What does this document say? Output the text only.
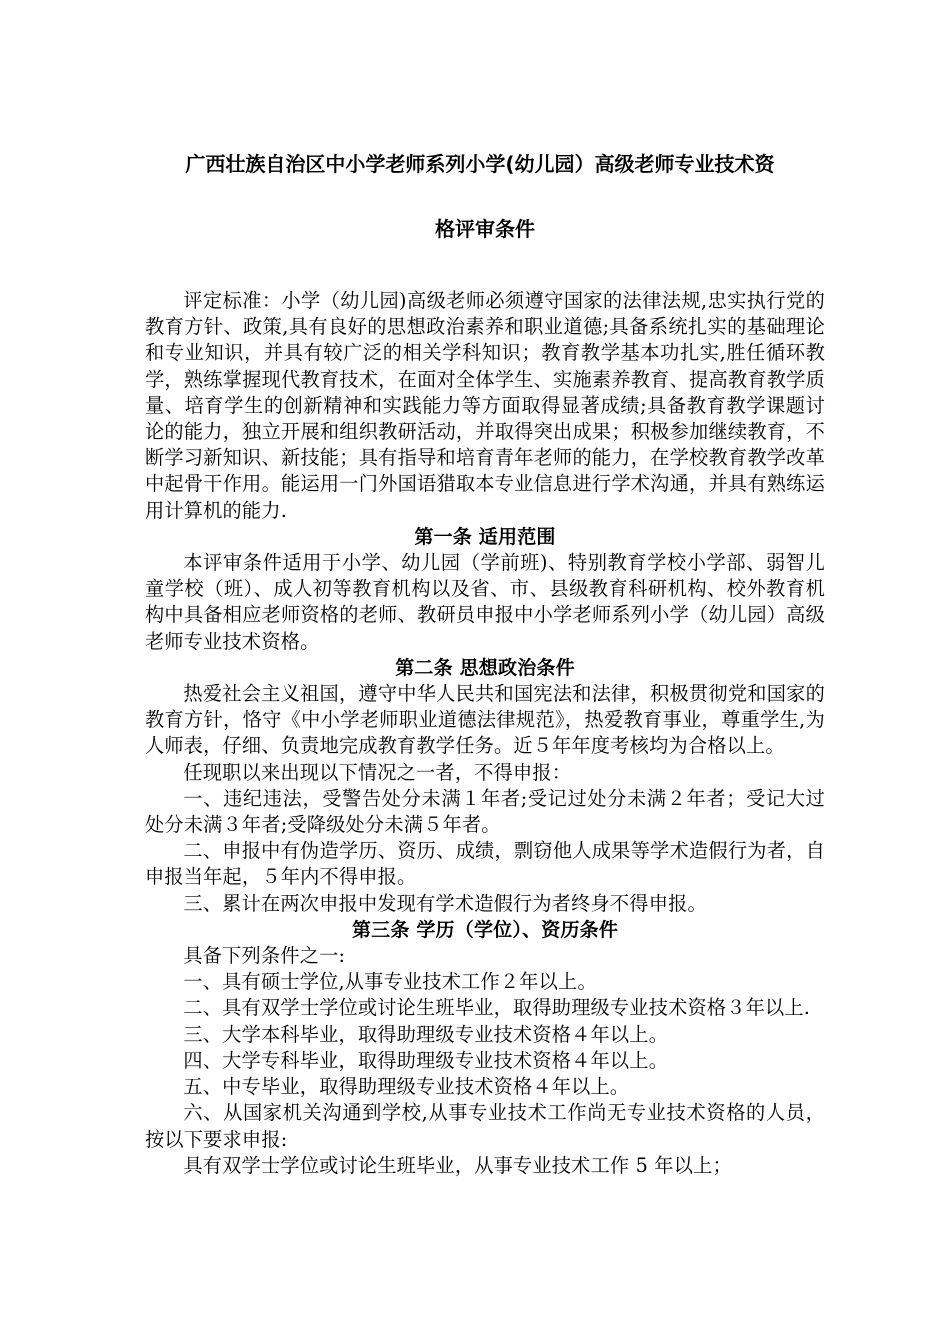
广西壮族自治区中小学老师系列小学(幼儿园）高级老师专业技术资
格评审条件

评定标准：小学（幼儿园)高级老师必须遵守国家的法律法规,忠实执行党的教育方针、政策,具有良好的思想政治素养和职业道德;具备系统扎实的基础理论和专业知识，并具有较广泛的相关学科知识；教育教学基本功扎实,胜任循环教学，熟练掌握现代教育技术，在面对全体学生、实施素养教育、提高教育教学质量、培育学生的创新精神和实践能力等方面取得显著成绩;具备教育教学课题讨论的能力，独立开展和组织教研活动，并取得突出成果；积极参加继续教育，不断学习新知识、新技能；具有指导和培育青年老师的能力，在学校教育教学改革中起骨干作用。能运用一门外国语猎取本专业信息进行学术沟通，并具有熟练运用计算机的能力.

第一条 适用范围

本评审条件适用于小学、幼儿园（学前班)、特别教育学校小学部、弱智儿童学校（班）、成人初等教育机构以及省、市、县级教育科研机构、校外教育机构中具备相应老师资格的老师、教研员申报中小学老师系列小学（幼儿园）高级老师专业技术资格。

第二条 思想政治条件

热爱社会主义祖国，遵守中华人民共和国宪法和法律，积极贯彻党和国家的教育方针，恪守《中小学老师职业道德法律规范》，热爱教育事业，尊重学生,为人师表，仔细、负责地完成教育教学任务。近５年年度考核均为合格以上。

任现职以来出现以下情况之一者，不得申报：

一、违纪违法，受警告处分未满１年者;受记过处分未满２年者；受记大过处分未满３年者;受降级处分未满５年者。

二、申报中有伪造学历、资历、成绩，剽窃他人成果等学术造假行为者，自申报当年起，５年内不得申报。

三、累计在两次申报中发现有学术造假行为者终身不得申报。

第三条 学历（学位）、资历条件

具备下列条件之一:

一、具有硕士学位,从事专业技术工作２年以上。

二、具有双学士学位或讨论生班毕业，取得助理级专业技术资格３年以上.

三、大学本科毕业，取得助理级专业技术资格４年以上。

四、大学专科毕业，取得助理级专业技术资格４年以上。

五、中专毕业，取得助理级专业技术资格４年以上。

六、从国家机关沟通到学校,从事专业技术工作尚无专业技术资格的人员，按以下要求申报:

具有双学士学位或讨论生班毕业，从事专业技术工作 5 年以上；
